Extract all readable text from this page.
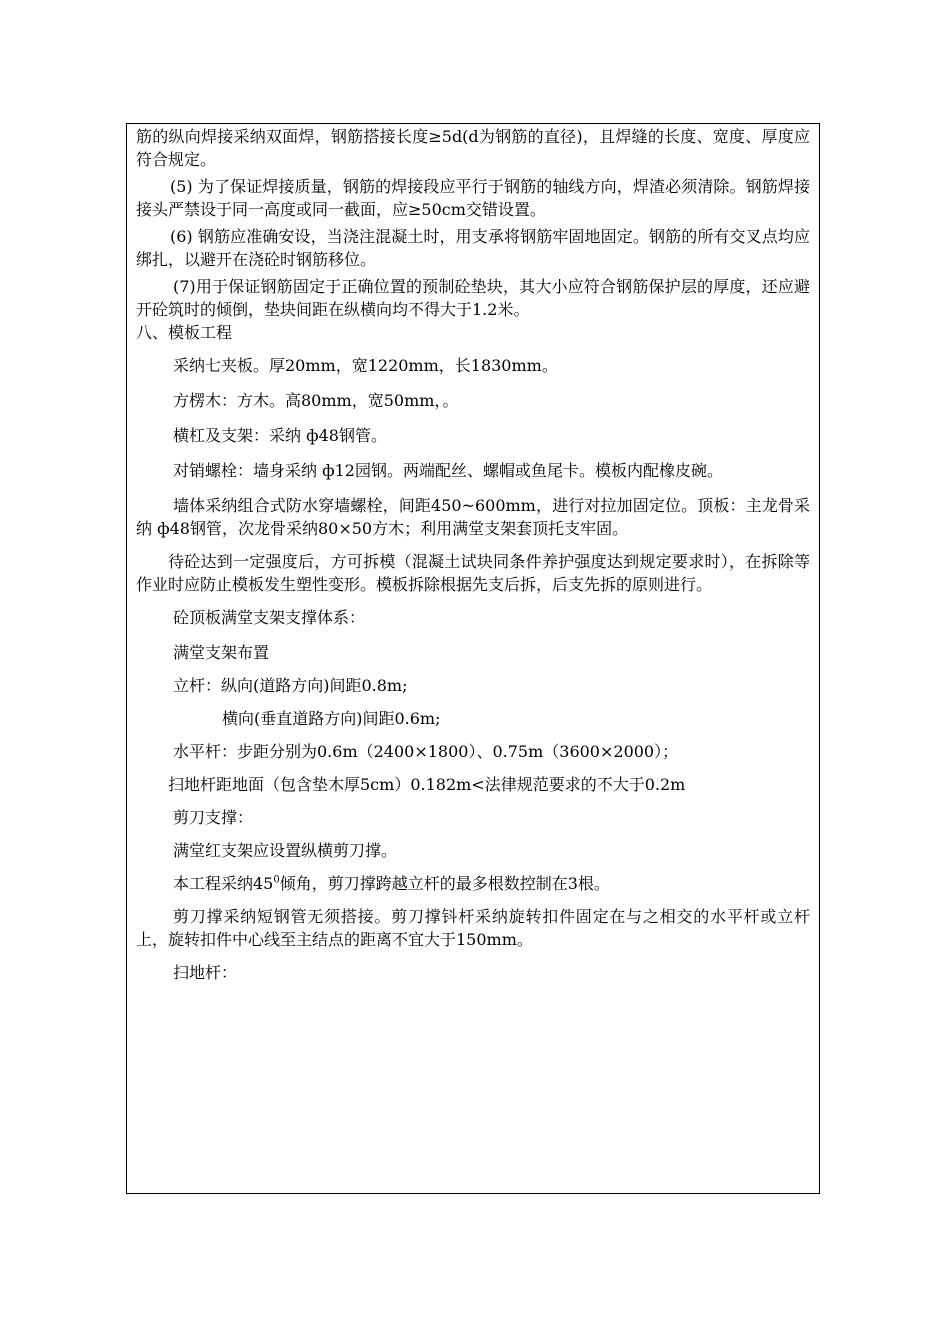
筋的纵向焊接采纳双面焊，钢筋搭接长度≥5d(d为钢筋的直径)，且焊缝的长度、宽度、厚度应符合规定。

(5) 为了保证焊接质量，钢筋的焊接段应平行于钢筋的轴线方向，焊渣必须清除。钢筋焊接接头严禁设于同一高度或同一截面，应≥50cm交错设置。

(6) 钢筋应准确安设，当浇注混凝土时，用支承将钢筋牢固地固定。钢筋的所有交叉点均应绑扎，以避开在浇砼时钢筋移位。

(7)用于保证钢筋固定于正确位置的预制砼垫块，其大小应符合钢筋保护层的厚度，还应避开砼筑时的倾倒，垫块间距在纵横向均不得大于1.2米。

八、模板工程

采纳七夹板。厚20mm，宽1220mm，长1830mm。

方楞木：方木。高80mm，宽50mm，。

横杠及支架：采纳 ф48钢管。

对销螺栓：墙身采纳 ф12园钢。两端配丝、螺帽或鱼尾卡。模板内配橡皮碗。

墙体采纳组合式防水穿墙螺栓，间距450~600mm，进行对拉加固定位。顶板：主龙骨采纳 ф48钢管，次龙骨采纳80×50方木；利用满堂支架套顶托支牢固。

待砼达到一定强度后，方可拆模（混凝土试块同条件养护强度达到规定要求时），在拆除等作业时应防止模板发生塑性变形。模板拆除根据先支后拆，后支先拆的原则进行。

砼顶板满堂支架支撑体系：

满堂支架布置

立杆：纵向(道路方向)间距0.8m;

横向(垂直道路方向)间距0.6m;

水平杆：步距分别为0.6m（2400×1800）、0.75m（3600×2000）；

扫地杆距地面（包含垫木厚5cm）0.182m<法律规范要求的不大于0.2m

剪刀支撑：

满堂红支架应设置纵横剪刀撑。

本工程采纳$45^0$倾角，剪刀撑跨越立杆的最多根数控制在3根。

剪刀撑采纳短钢管无须搭接。剪刀撑钭杆采纳旋转扣件固定在与之相交的水平杆或立杆上，旋转扣件中心线至主结点的距离不宜大于150mm。

扫地杆：
